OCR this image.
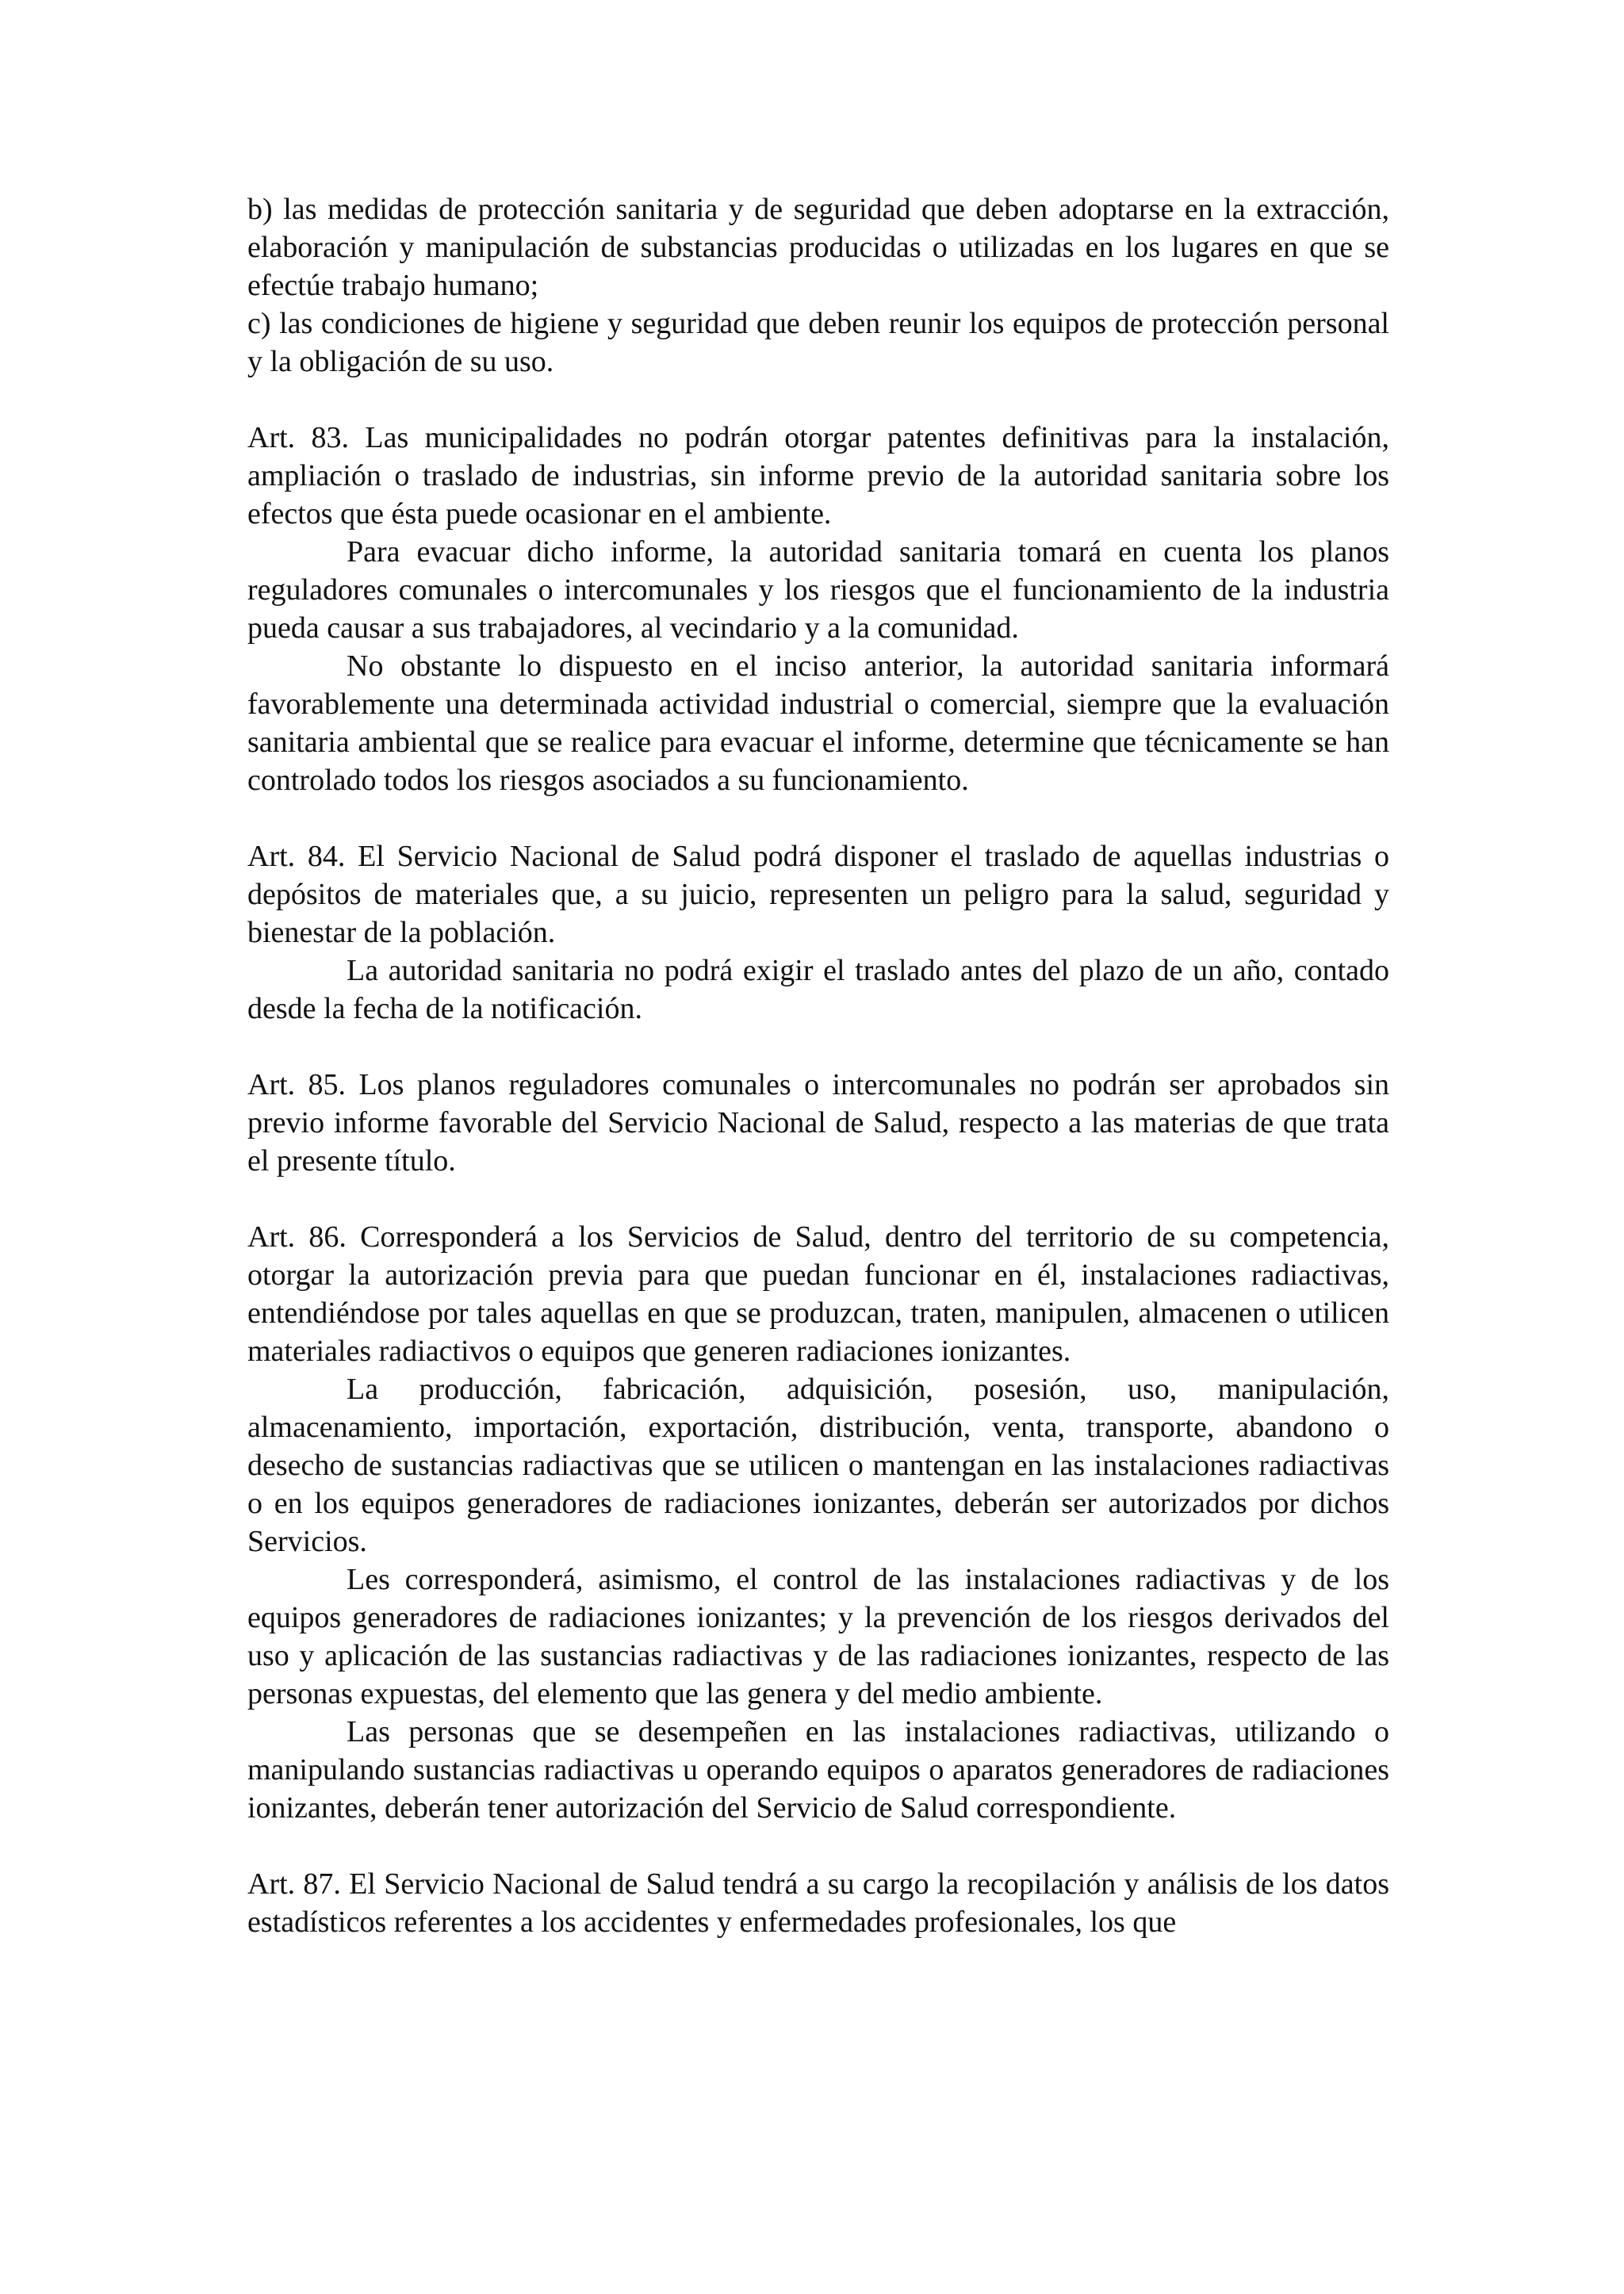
b) las medidas de protección sanitaria y de seguridad que deben adoptarse en la extracción, elaboración y manipulación de substancias producidas o utilizadas en los lugares en que se efectúe trabajo humano;

c) las condiciones de higiene y seguridad que deben reunir los equipos de protección personal y la obligación de su uso.

Art. 83. Las municipalidades no podrán otorgar patentes definitivas para la instalación, ampliación o traslado de industrias, sin informe previo de la autoridad sanitaria sobre los efectos que ésta puede ocasionar en el ambiente.

Para evacuar dicho informe, la autoridad sanitaria tomará en cuenta los planos reguladores comunales o intercomunales y los riesgos que el funcionamiento de la industria pueda causar a sus trabajadores, al vecindario y a la comunidad.

No obstante lo dispuesto en el inciso anterior, la autoridad sanitaria informará favorablemente una determinada actividad industrial o comercial, siempre que la evaluación sanitaria ambiental que se realice para evacuar el informe, determine que técnicamente se han controlado todos los riesgos asociados a su funcionamiento.

Art. 84. El Servicio Nacional de Salud podrá disponer el traslado de aquellas industrias o depósitos de materiales que, a su juicio, representen un peligro para la salud, seguridad y bienestar de la población.

La autoridad sanitaria no podrá exigir el traslado antes del plazo de un año, contado desde la fecha de la notificación.

Art. 85. Los planos reguladores comunales o intercomunales no podrán ser aprobados sin previo informe favorable del Servicio Nacional de Salud, respecto a las materias de que trata el presente título.

Art. 86. Corresponderá a los Servicios de Salud, dentro del territorio de su competencia, otorgar la autorización previa para que puedan funcionar en él, instalaciones radiactivas, entendiéndose por tales aquellas en que se produzcan, traten, manipulen, almacenen o utilicen materiales radiactivos o equipos que generen radiaciones ionizantes.

La producción, fabricación, adquisición, posesión, uso, manipulación, almacenamiento, importación, exportación, distribución, venta, transporte, abandono o desecho de sustancias radiactivas que se utilicen o mantengan en las instalaciones radiactivas o en los equipos generadores de radiaciones ionizantes, deberán ser autorizados por dichos Servicios.

Les corresponderá, asimismo, el control de las instalaciones radiactivas y de los equipos generadores de radiaciones ionizantes; y la prevención de los riesgos derivados del uso y aplicación de las sustancias radiactivas y de las radiaciones ionizantes, respecto de las personas expuestas, del elemento que las genera y del medio ambiente.

Las personas que se desempeñen en las instalaciones radiactivas, utilizando o manipulando sustancias radiactivas u operando equipos o aparatos generadores de radiaciones ionizantes, deberán tener autorización del Servicio de Salud correspondiente.

Art. 87. El Servicio Nacional de Salud tendrá a su cargo la recopilación y análisis de los datos estadísticos referentes a los accidentes y enfermedades profesionales, los que
